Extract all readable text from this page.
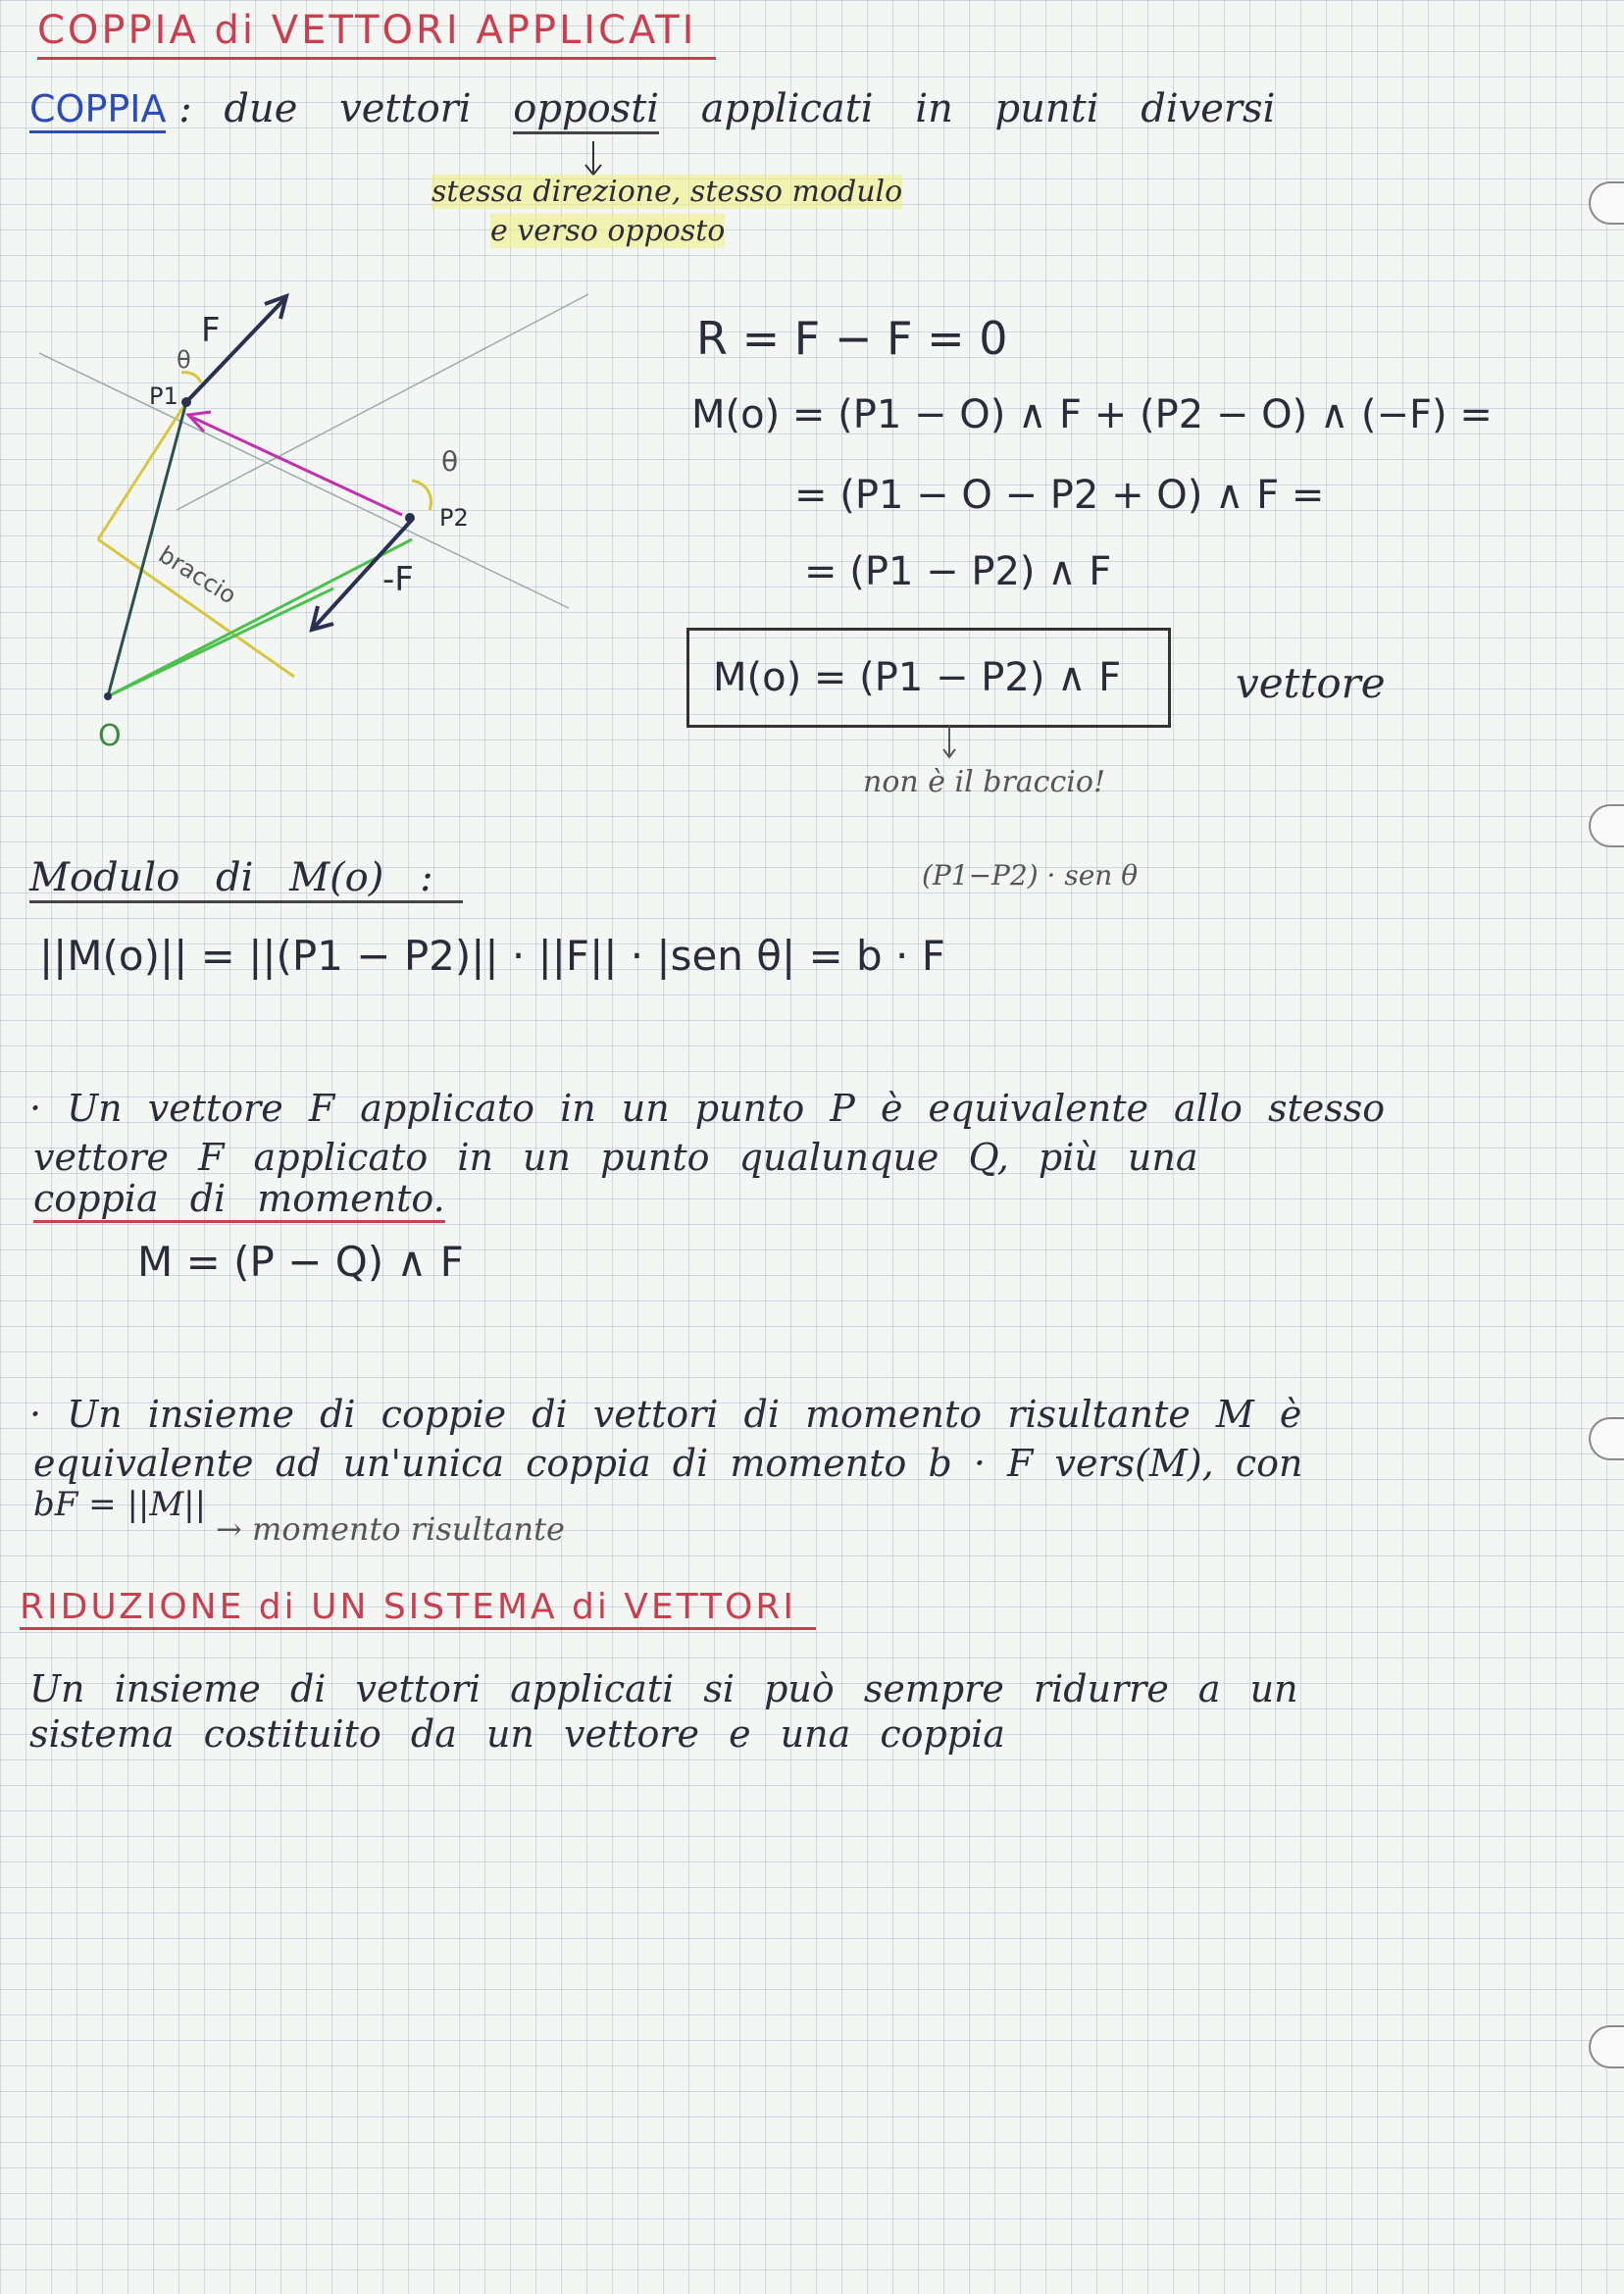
COPPIA di VETTORI APPLICATI
COPPIA : due vettori opposti applicati in punti diversi
stessa direzione, stesso modulo
e verso opposto
F
P1
P2
-F
O
braccio
θ
θ
R = F − F = 0
M(o) = (P1 − O) ∧ F + (P2 − O) ∧ (−F) =
= (P1 − O − P2 + O) ∧ F =
= (P1 − P2) ∧ F
M(o) = (P1 − P2) ∧ F	vettore
non è il braccio!
Modulo di M(o) :	(P1−P2) · sen θ
||M(o)|| = ||(P1 − P2)|| · ||F|| · |sen θ| = b · F
· Un vettore F applicato in un punto P è equivalente allo stesso
vettore F applicato in un punto qualunque Q, più una
coppia di momento.
M = (P − Q) ∧ F
· Un insieme di coppie di vettori di momento risultante M è
equivalente ad un'unica coppia di momento b · F vers(M), con
bF = ||M||
→ momento risultante
RIDUZIONE di UN SISTEMA di VETTORI
Un insieme di vettori applicati si può sempre ridurre a un
sistema costituito da un vettore e una coppia
